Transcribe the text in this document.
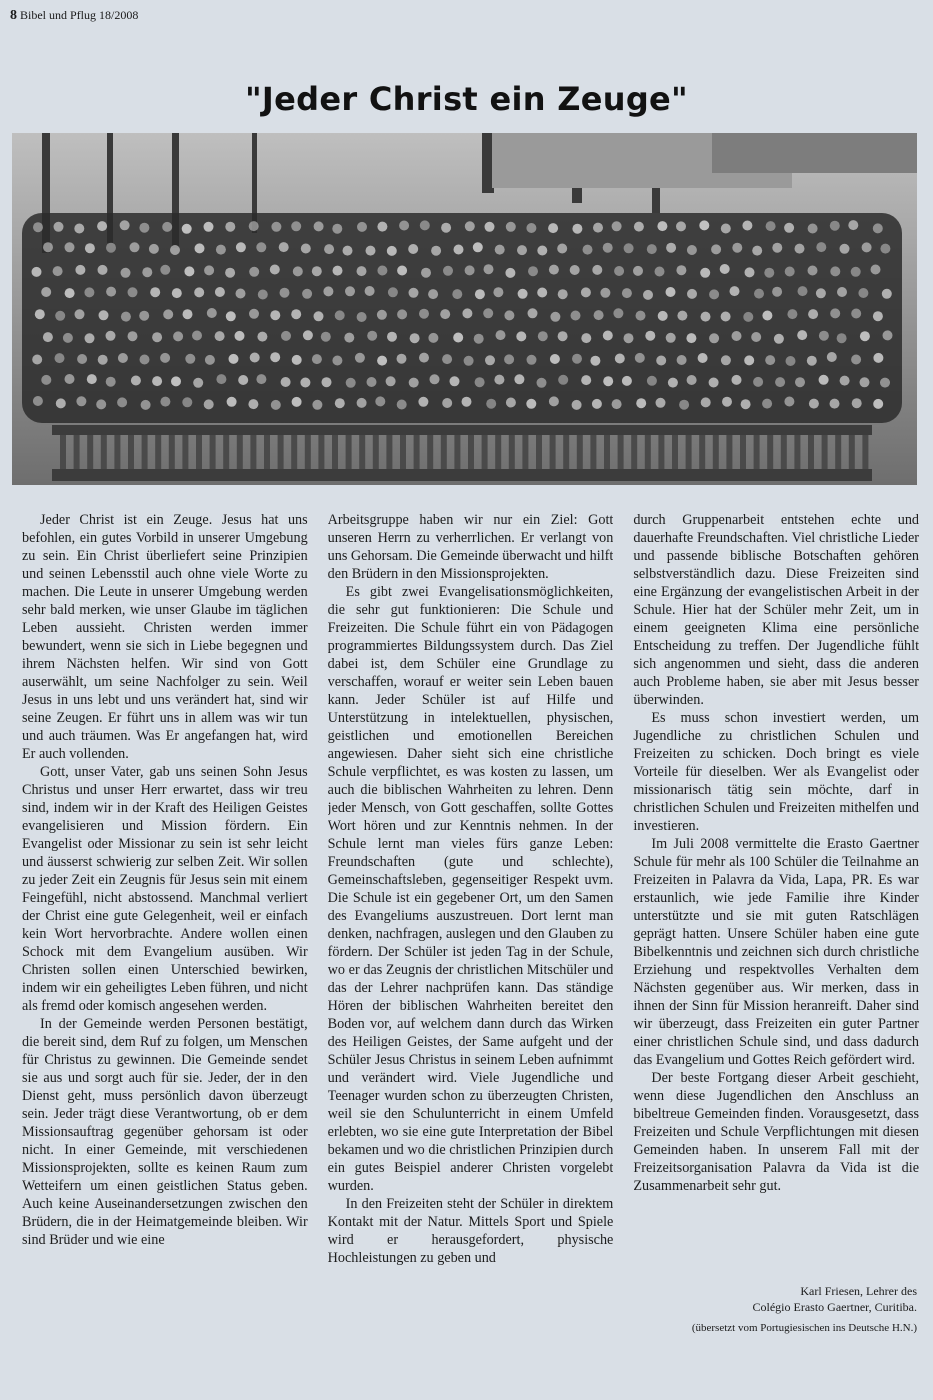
8 Bibel und Pflug 18/2008
"Jeder Christ ein Zeuge"

Jeder Christ ist ein Zeuge. Jesus hat uns befohlen, ein gutes Vorbild in unserer Umgebung zu sein. Ein Christ überliefert seine Prinzipien und seinen Lebensstil auch ohne viele Worte zu machen. Die Leute in unserer Umgebung werden sehr bald merken, wie unser Glaube im täglichen Leben aussieht. Christen werden immer bewundert, wenn sie sich in Liebe begegnen und ihrem Nächsten helfen. Wir sind von Gott auserwählt, um seine Nachfolger zu sein. Weil Jesus in uns lebt und uns verändert hat, sind wir seine Zeugen. Er führt uns in allem was wir tun und auch träumen. Was Er angefangen hat, wird Er auch vollenden.

Gott, unser Vater, gab uns seinen Sohn Jesus Christus und unser Herr erwartet, dass wir treu sind, indem wir in der Kraft des Heiligen Geistes evangelisieren und Mission fördern. Ein Evangelist oder Missionar zu sein ist sehr leicht und äusserst schwierig zur selben Zeit. Wir sollen zu jeder Zeit ein Zeugnis für Jesus sein mit einem Feingefühl, nicht abstossend. Manchmal verliert der Christ eine gute Gelegenheit, weil er einfach kein Wort hervorbrachte. Andere wollen einen Schock mit dem Evangelium ausüben. Wir Christen sollen einen Unterschied bewirken, indem wir ein geheiligtes Leben führen, und nicht als fremd oder komisch angesehen werden.

In der Gemeinde werden Personen bestätigt, die bereit sind, dem Ruf zu folgen, um Menschen für Christus zu gewinnen. Die Gemeinde sendet sie aus und sorgt auch für sie. Jeder, der in den Dienst geht, muss persönlich davon überzeugt sein. Jeder trägt diese Verantwortung, ob er dem Missionsauftrag gegenüber gehorsam ist oder nicht. In einer Gemeinde, mit verschiedenen Missionsprojekten, sollte es keinen Raum zum Wetteifern um einen geistlichen Status geben. Auch keine Auseinandersetzungen zwischen den Brüdern, die in der Heimatgemeinde bleiben. Wir sind Brüder und wie eine

Arbeitsgruppe haben wir nur ein Ziel: Gott unseren Herrn zu verherrlichen. Er verlangt von uns Gehorsam. Die Gemeinde überwacht und hilft den Brüdern in den Missionsprojekten.

Es gibt zwei Evangelisationsmöglichkeiten, die sehr gut funktionieren: Die Schule und Freizeiten. Die Schule führt ein von Pädagogen programmiertes Bildungssystem durch. Das Ziel dabei ist, dem Schüler eine Grundlage zu verschaffen, worauf er weiter sein Leben bauen kann. Jeder Schüler ist auf Hilfe und Unterstützung in intelektuellen, physischen, geistlichen und emotionellen Bereichen angewiesen. Daher sieht sich eine christliche Schule verpflichtet, es was kosten zu lassen, um auch die biblischen Wahrheiten zu lehren. Denn jeder Mensch, von Gott geschaffen, sollte Gottes Wort hören und zur Kenntnis nehmen. In der Schule lernt man vieles fürs ganze Leben: Freundschaften (gute und schlechte), Gemeinschaftsleben, gegenseitiger Respekt uvm. Die Schule ist ein gegebener Ort, um den Samen des Evangeliums auszustreuen. Dort lernt man denken, nachfragen, auslegen und den Glauben zu fördern. Der Schüler ist jeden Tag in der Schule, wo er das Zeugnis der christlichen Mitschüler und das der Lehrer nachprüfen kann. Das ständige Hören der biblischen Wahrheiten bereitet den Boden vor, auf welchem dann durch das Wirken des Heiligen Geistes, der Same aufgeht und der Schüler Jesus Christus in seinem Leben aufnimmt und verändert wird. Viele Jugendliche und Teenager wurden schon zu überzeugten Christen, weil sie den Schulunterricht in einem Umfeld erlebten, wo sie eine gute Interpretation der Bibel bekamen und wo die christlichen Prinzipien durch ein gutes Beispiel anderer Christen vorgelebt wurden.

In den Freizeiten steht der Schüler in direktem Kontakt mit der Natur. Mittels Sport und Spiele wird er herausgefordert, physische Hochleistungen zu geben und

durch Gruppenarbeit entstehen echte und dauerhafte Freundschaften. Viel christliche Lieder und passende biblische Botschaften gehören selbstverständlich dazu. Diese Freizeiten sind eine Ergänzung der evangelistischen Arbeit in der Schule. Hier hat der Schüler mehr Zeit, um in einem geeigneten Klima eine persönliche Entscheidung zu treffen. Der Jugendliche fühlt sich angenommen und sieht, dass die anderen auch Probleme haben, sie aber mit Jesus besser überwinden.

Es muss schon investiert werden, um Jugendliche zu christlichen Schulen und Freizeiten zu schicken. Doch bringt es viele Vorteile für dieselben. Wer als Evangelist oder missionarisch tätig sein möchte, darf in christlichen Schulen und Freizeiten mithelfen und investieren.

Im Juli 2008 vermittelte die Erasto Gaertner Schule für mehr als 100 Schüler die Teilnahme an Freizeiten in Palavra da Vida, Lapa, PR. Es war erstaunlich, wie jede Familie ihre Kinder unterstützte und sie mit guten Ratschlägen geprägt hatten. Unsere Schüler haben eine gute Bibelkenntnis und zeichnen sich durch christliche Erziehung und respektvolles Verhalten dem Nächsten gegenüber aus. Wir merken, dass in ihnen der Sinn für Mission heranreift. Daher sind wir überzeugt, dass Freizeiten ein guter Partner einer christlichen Schule sind, und dass dadurch das Evangelium und Gottes Reich gefördert wird.

Der beste Fortgang dieser Arbeit geschieht, wenn diese Jugendlichen den Anschluss an bibeltreue Gemeinden finden. Vorausgesetzt, dass Freizeiten und Schule Verpflichtungen mit diesen Gemeinden haben. In unserem Fall mit der Freizeitsorganisation Palavra da Vida ist die Zusammenarbeit sehr gut.

Karl Friesen, Lehrer des
Colégio Erasto Gaertner, Curitiba.
(übersetzt vom Portugiesischen ins Deutsche H.N.)
